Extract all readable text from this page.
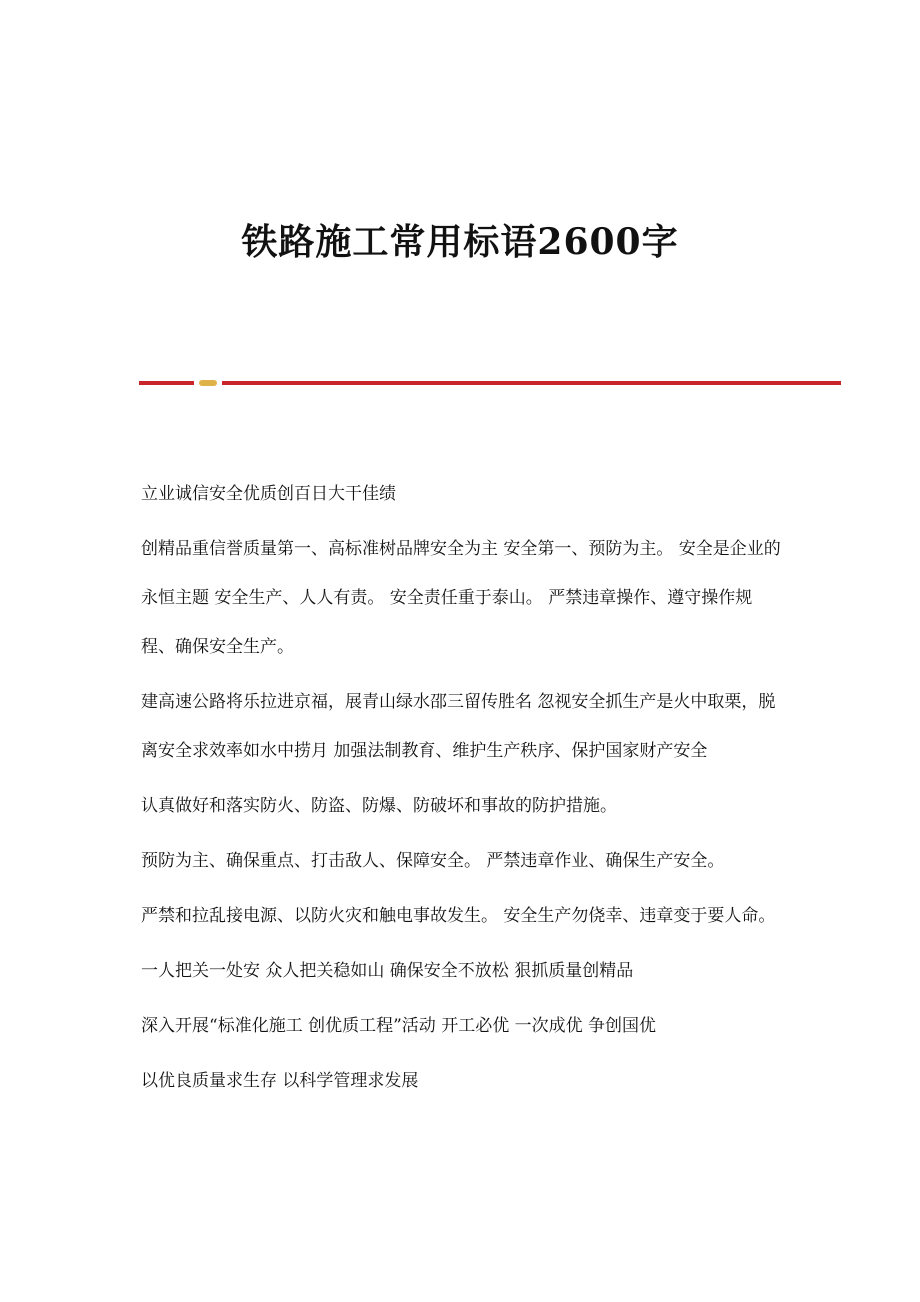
铁路施工常用标语2600字

立业诚信安全优质创百日大干佳绩

创精品重信誉质量第一、高标准树品牌安全为主 安全第一、预防为主。 安全是企业的永恒主题 安全生产、人人有责。 安全责任重于泰山。 严禁违章操作、遵守操作规程、确保安全生产。

建高速公路将乐拉进京福，展青山绿水邵三留传胜名 忽视安全抓生产是火中取栗，脱离安全求效率如水中捞月 加强法制教育、维护生产秩序、保护国家财产安全

认真做好和落实防火、防盗、防爆、防破坏和事故的防护措施。

预防为主、确保重点、打击敌人、保障安全。 严禁违章作业、确保生产安全。

严禁和拉乱接电源、以防火灾和触电事故发生。 安全生产勿侥幸、违章变于要人命。

一人把关一处安 众人把关稳如山 确保安全不放松 狠抓质量创精品

深入开展“标准化施工 创优质工程”活动 开工必优 一次成优 争创国优

以优良质量求生存 以科学管理求发展
